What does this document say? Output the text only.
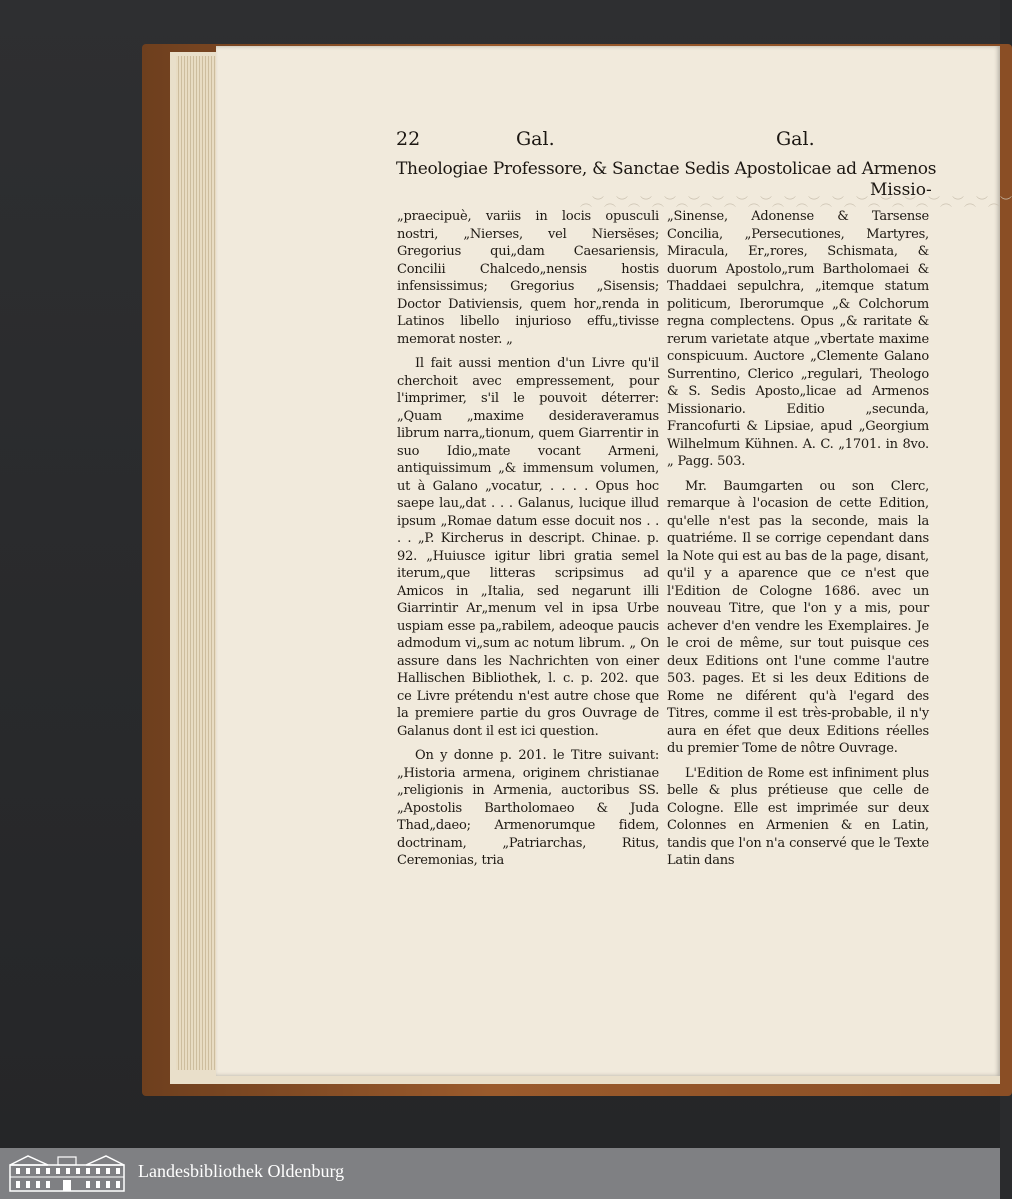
22	Gal.	Gal.
︵︶︵︶︵︶︵︶︵︶︵︶︵︶︵︶︵︶︵︶︵︶︵︶︵︶︵︶︵︶︵︶︵︶︵︶
Theologiae Professore, & Sanctae Sedis Apostolicae ad Armenos
Missio-

„praecipuè, variis in locis opusculi nostri, „Nierses, vel Niersëses; Gregorius qui„dam Caesariensis, Concilii Chalcedo„nensis hostis infensissimus; Gregorius „Sisensis; Doctor Dativiensis, quem hor„renda in Latinos libello injurioso effu„tivisse memorat noster. „

Il fait aussi mention d'un Livre qu'il cherchoit avec empressement, pour l'imprimer, s'il le pouvoit déterrer: „Quam „maxime desideraveramus librum narra„tionum, quem Giarrentir in suo Idio„mate vocant Armeni, antiquissimum „& immensum volumen, ut à Galano „vocatur, . . . . Opus hoc saepe lau„dat . . . Galanus, lucique illud ipsum „Romae datum esse docuit nos . . . . „P. Kircherus in descript. Chinae. p. 92. „Huiusce igitur libri gratia semel iterum„que litteras scripsimus ad Amicos in „Italia, sed negarunt illi Giarrintir Ar„menum vel in ipsa Urbe uspiam esse pa„rabilem, adeoque paucis admodum vi„sum ac notum librum. „ On assure dans les Nachrichten von einer Hallischen Bibliothek, l. c. p. 202. que ce Livre prétendu n'est autre chose que la premiere partie du gros Ouvrage de Galanus dont il est ici question.

On y donne p. 201. le Titre suivant: „Historia armena, originem christianae „religionis in Armenia, auctoribus SS. „Apostolis Bartholomaeo & Juda Thad„daeo; Armenorumque fidem, doctrinam, „Patriarchas, Ritus, Ceremonias, tria

„Sinense, Adonense & Tarsense Concilia, „Persecutiones, Martyres, Miracula, Er„rores, Schismata, & duorum Apostolo„rum Bartholomaei & Thaddaei sepulchra, „itemque statum politicum, Iberorumque „& Colchorum regna complectens. Opus „& raritate & rerum varietate atque „vbertate maxime conspicuum. Auctore „Clemente Galano Surrentino, Clerico „regulari, Theologo & S. Sedis Aposto„licae ad Armenos Missionario. Editio „secunda, Francofurti & Lipsiae, apud „Georgium Wilhelmum Kühnen. A. C. „1701. in 8vo. „ Pagg. 503.

Mr. Baumgarten ou son Clerc, remarque à l'ocasion de cette Edition, qu'elle n'est pas la seconde, mais la quatriéme. Il se corrige cependant dans la Note qui est au bas de la page, disant, qu'il y a aparence que ce n'est que l'Edition de Cologne 1686. avec un nouveau Titre, que l'on y a mis, pour achever d'en vendre les Exemplaires. Je le croi de même, sur tout puisque ces deux Editions ont l'une comme l'autre 503. pages. Et si les deux Editions de Rome ne diférent qu'à l'egard des Titres, comme il est très-probable, il n'y aura en éfet que deux Editions réelles du premier Tome de nôtre Ouvrage.

L'Edition de Rome est infiniment plus belle & plus prétieuse que celle de Cologne. Elle est imprimée sur deux Colonnes en Armenien & en Latin, tandis que l'on n'a conservé que le Texte Latin dans

Landesbibliothek Oldenburg
